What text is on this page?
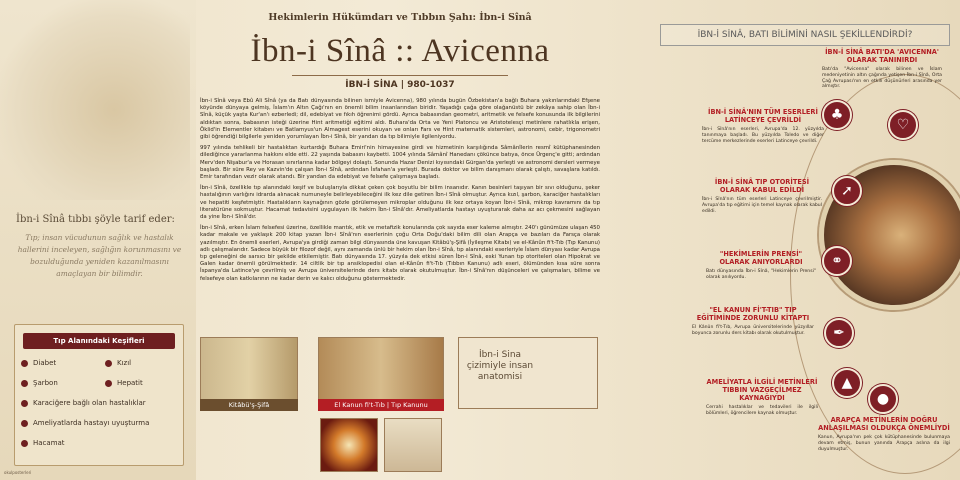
İbn-i Sînâ tıbbı şöyle tarif eder:
Tıp; insan vücudunun sağlık ve hastalık hallerini inceleyen, sağlığın korunmasını ve bozulduğunda yeniden kazanılmasını amaçlayan bir bilimdir.
Tıp Alanındaki Keşifleri
Diabet	Kızıl
Şarbon	Hepatit
Karaciğere bağlı olan hastalıklar
Ameliyatlarda hastayı uyuşturma
Hacamat
okulposterleri
Hekimlerin Hükümdarı ve Tıbbın Şahı: İbn-i Sînâ
İbn-i Sînâ :: Avicenna
İBN-İ SİNA | 980-1037

İbn-i Sînâ veya Ebû Ali Sînâ (ya da Batı dünyasında bilinen ismiyle Avicenna), 980 yılında bugün Özbekistan'a bağlı Buhara yakınlarındaki Efşene köyünde dünyaya gelmiş, İslam'ın Altın Çağı'nın en önemli bilim insanlarından biridir. Yaşadığı çağa göre olağanüstü bir zekâya sahip olan İbn-i Sînâ, küçük yaşta Kur'an'ı ezberledi; dil, edebiyat ve fıkıh öğrenimi gördü. Ayrıca babasından geometri, aritmetik ve felsefe konusunda ilk bilgilerini aldıktan sonra, babasının isteği üzerine Hint aritmetiği eğitimi aldı. Buhara'da Orta ve Yeni Platoncu ve Aristotelesçi metinlere rahatlıkla erişen, Öklid'in Elementler kitabını ve Batlamyus'un Almagest eserini okuyan ve onları Fars ve Hint matematik sistemleri, astronomi, cebir, trigonometri gibi öğrendiği bilgilerle yeniden yorumlayan İbn-i Sînâ, bir yandan da tıp bilimiyle ilgileniyordu.

997 yılında tehlikeli bir hastalıktan kurtardığı Buhara Emiri'nin himayesine girdi ve hizmetinin karşılığında Sâmânîlerin resmî kütüphanesinden dilediğince yararlanma hakkını elde etti. 22 yaşında babasını kaybetti. 1004 yılında Sâmânî Hanedanı çökünce batıya, önce Ürgenç'e gitti; ardından Merv'den Nişabur'a ve Horasan sınırlarına kadar bölgeyi dolaştı. Sonunda Hazar Denizi kıyısındaki Gürgan'da yerleşti ve astronomi dersleri vermeye başladı. Bir süre Rey ve Kazvin'de çalışan İbn-i Sînâ, ardından İsfahan'a yerleşti. Burada doktor ve bilim danışmanı olarak çalıştı, savaşlara katıldı. Emir tarafından vezir olarak atandı. Bir yandan da edebiyat ve felsefe çalışmaya başladı.

İbn-i Sînâ, özellikle tıp alanındaki keşif ve buluşlarıyla dikkat çeken çok boyutlu bir bilim insanıdır. Kanın besinleri taşıyan bir sıvı olduğunu, şeker hastalığının varlığını idrarda alınacak numuneyle belirleyebileceğini ilk kez dile getiren İbn-i Sînâ olmuştur. Ayrıca kızıl, şarbon, karaciğer hastalıkları ve hepatiti keşfetmiştir. Hastalıkların kaynağının gözle görülemeyen mikroplar olduğunu ilk kez ortaya koyan İbn-i Sînâ, mikrop kavramını da tıp literatürüne sokmuştur. Hacamat tedavisini uygulayan ilk hekim İbn-i Sînâ'dır. Ameliyatlarda hastayı uyuşturarak daha az acı çekmesini sağlayan da yine İbn-i Sînâ'dır.

İbn-i Sînâ, erken İslam felsefesi üzerine, özellikle mantık, etik ve metafizik konularında çok sayıda eser kaleme almıştır. 240'ı günümüze ulaşan 450 kadar makale ve yaklaşık 200 kitap yazan İbn-i Sînâ'nın eserlerinin çoğu Orta Doğu'daki bilim dili olan Arapça ve bazıları da Farsça olarak yazılmıştır. En önemli eserleri, Avrupa'ya girdiği zaman bilgi dünyasında üne kavuşan Kitâbü'ş-Şifâ (İyileşme Kitabı) ve el-Kânûn fi't-Tıb (Tıp Kanunu) adlı çalışmalarıdır. Sadece büyük bir filozof değil, aynı zamanda ünlü bir hekim olan İbn-i Sînâ, tıp alanındaki eserleriyle İslam dünyası kadar Avrupa tıp geleneğini de sarsıcı bir şekilde etkilemiştir. Batı dünyasında 17. yüzyıla dek etkisi süren İbn-i Sînâ, eski Yunan tıp otoriteleri olan Hipokrat ve Galen kadar önemli görülmektedir. 14 ciltlik bir tıp ansiklopedisi olan el-Kânûn fi't-Tıb (Tıbbın Kanunu) adlı eseri, ölümünden kısa süre sonra İspanya'da Latince'ye çevrilmiş ve Avrupa üniversitelerinde ders kitabı olarak okutulmuştur. İbn-i Sînâ'nın düşünceleri ve çalışmaları, bilime ve felsefeye olan katkılarının ne kadar derin ve kalıcı olduğunu göstermektedir.

Kitâbü'ş-Şifâ	El Kanun fi't-Tıb | Tıp Kanunu
İbn-i Sina çizimiyle insan anatomisi
İBN-İ SİNÂ, BATI BİLİMİNİ NASIL ŞEKİLLENDİRDİ?
İBN-İ SİNÂ BATI'DA 'AVICENNA' OLARAK TANINIRDI
Batı'da "Avicenna" olarak bilinen ve İslam medeniyetinin altın çağında yetişen İbn-i Sînâ, Orta Çağ Avrupası'nın en etkili düşünürleri arasında yer almıştır.
İBN-İ SİNÂ'NIN TÜM ESERLERİ LATİNCEYE ÇEVRİLDİ
İbn-i Sînâ'nın eserleri, Avrupa'da 12. yüzyılda tanınmaya başladı. Bu yüzyılda Toledo ve diğer tercüme merkezlerinde eserleri Latinceye çevrildi.
İBN-İ SİNÂ TIP OTORİTESİ OLARAK KABUL EDİLDİ
İbn-i Sînâ'nın tüm eserleri Latinceye çevrilmiştir. Avrupa'da tıp eğitimi için temel kaynak olarak kabul edildi.
"HEKİMLERİN PRENSİ" OLARAK ANIYORLARDI
Batı dünyasında İbn-i Sînâ, "Hekimlerin Prensi" olarak anılıyordu.
"EL KANUN Fİ'T-TIB" TIP EĞİTİMİNDE ZORUNLU KİTAPTI
El Kânûn fi't-Tıb, Avrupa üniversitelerinde yüzyıllar boyunca zorunlu ders kitabı olarak okutulmuştur.
AMELİYATLA İLGİLİ METİNLERİ TIBBIN VAZGEÇİLMEZ KAYNAĞIYDI
Cerrahi hastalıklar ve tedavileri ile ilgili bölümleri, öğrencilere kaynak olmuştur.
ARAPÇA METİNLERİN DOĞRU ANLAŞILMASI OLDUKÇA ÖNEMLİYDİ
Kanun, Avrupa'nın pek çok kütüphanesinde bulunmaya devam etmiş, bunun yanında Arapça aslına da ilgi duyulmuştur.
♣
♡
➚
⚭
✒
▲
●
